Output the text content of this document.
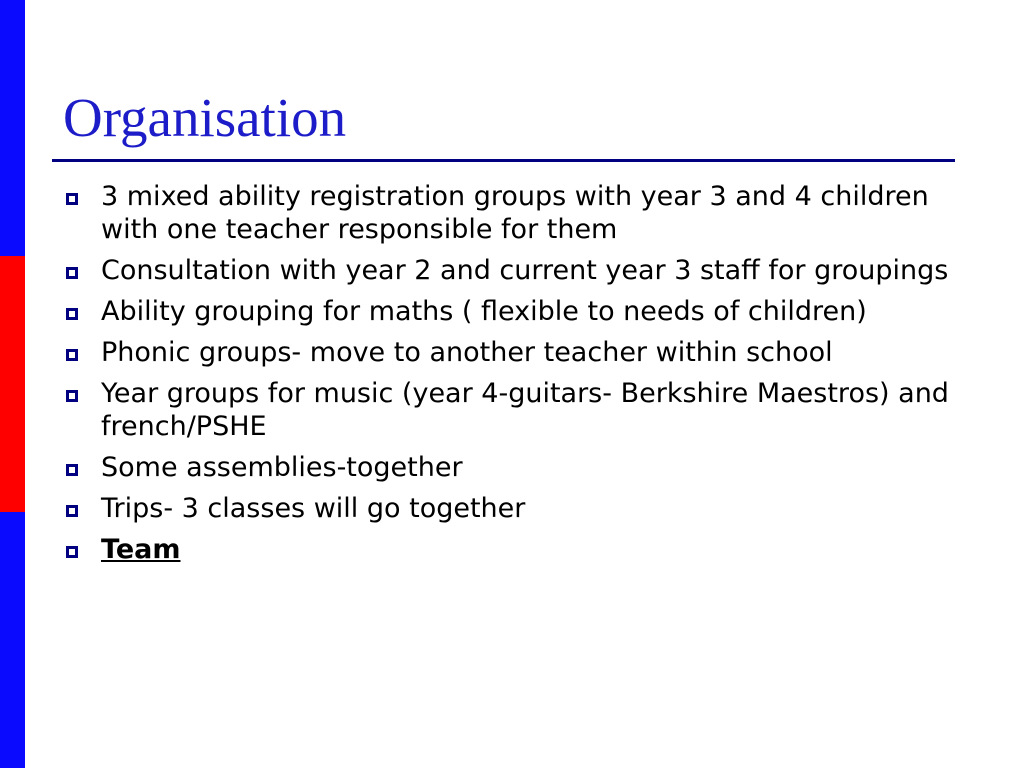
Organisation
3 mixed ability registration groups with year 3 and 4 children with one teacher responsible for them
Consultation with year 2 and current year 3 staff for groupings
Ability grouping for maths ( flexible to needs of children)
Phonic groups- move to another teacher within school
Year groups for music (year 4-guitars- Berkshire Maestros) and french/PSHE
Some assemblies-together
Trips- 3 classes will go together
Team
